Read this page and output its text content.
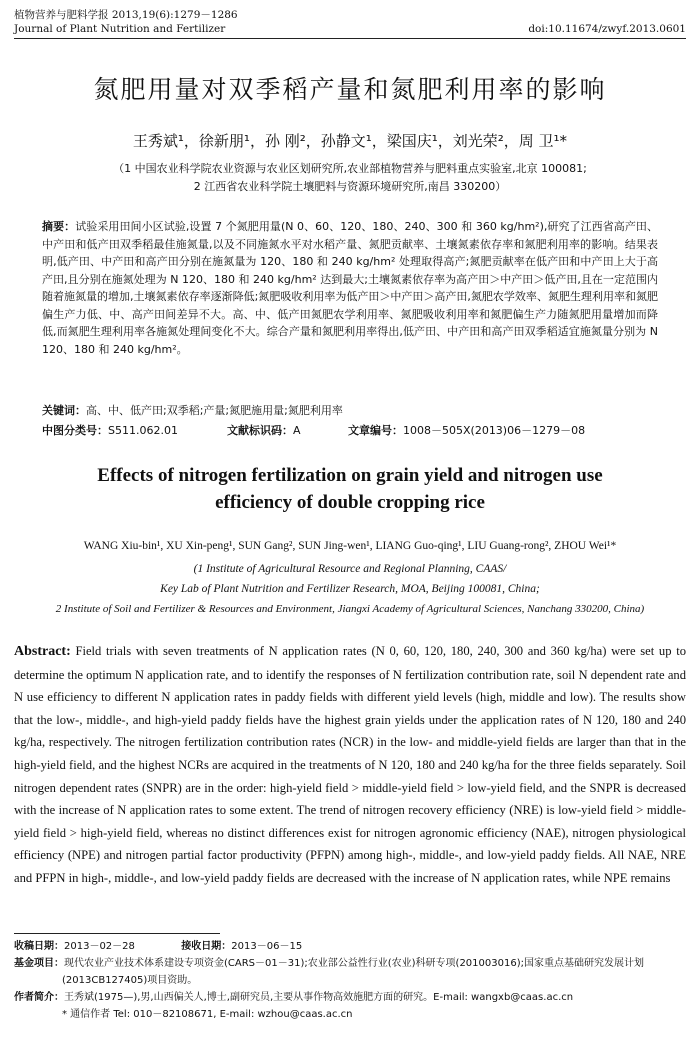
植物营养与肥料学报 2013,19(6):1279－1286
Journal of Plant Nutrition and Fertilizer	doi:10.11674/zwyf.2013.0601
氮肥用量对双季稻产量和氮肥利用率的影响
王秀斌¹，徐新朋¹，孙 刚²，孙静文¹，梁国庆¹，刘光荣²，周 卫¹*
（1 中国农业科学院农业资源与农业区划研究所,农业部植物营养与肥料重点实验室,北京 100081;
2 江西省农业科学院土壤肥料与资源环境研究所,南昌 330200）
摘要：试验采用田间小区试验,设置 7 个氮肥用量(N 0、60、120、180、240、300 和 360 kg/hm²),研究了江西省高产田、中产田和低产田双季稻最佳施氮量,以及不同施氮水平对水稻产量、氮肥贡献率、土壤氮素依存率和氮肥利用率的影响。结果表明,低产田、中产田和高产田分别在施氮量为 120、180 和 240 kg/hm² 处理取得高产;氮肥贡献率在低产田和中产田上大于高产田,且分别在施氮处理为 N 120、180 和 240 kg/hm² 达到最大;土壤氮素依存率为高产田＞中产田＞低产田,且在一定范围内随着施氮量的增加,土壤氮素依存率逐渐降低;氮肥吸收利用率为低产田＞中产田＞高产田,氮肥农学效率、氮肥生理利用率和氮肥偏生产力低、中、高产田间差异不大。高、中、低产田氮肥农学利用率、氮肥吸收利用率和氮肥偏生产力随氮肥用量增加而降低,而氮肥生理利用率各施氮处理间变化不大。综合产量和氮肥利用率得出,低产田、中产田和高产田双季稻适宜施氮量分别为 N 120、180 和 240 kg/hm²。
关键词：高、中、低产田;双季稻;产量;氮肥施用量;氮肥利用率
中图分类号：S511.062.01	文献标识码：A	文章编号：1008－505X(2013)06－1279－08
Effects of nitrogen fertilization on grain yield and nitrogen use
efficiency of double cropping rice
WANG Xiu-bin¹, XU Xin-peng¹, SUN Gang², SUN Jing-wen¹, LIANG Guo-qing¹, LIU Guang-rong², ZHOU Wei¹*
(1 Institute of Agricultural Resource and Regional Planning, CAAS/
Key Lab of Plant Nutrition and Fertilizer Research, MOA, Beijing 100081, China;
2 Institute of Soil and Fertilizer & Resources and Environment, Jiangxi Academy of Agricultural Sciences, Nanchang 330200, China)
Abstract: Field trials with seven treatments of N application rates (N 0, 60, 120, 180, 240, 300 and 360 kg/ha) were set up to determine the optimum N application rate, and to identify the responses of N fertilization contribution rate, soil N dependent rate and N use efficiency to different N application rates in paddy fields with different yield levels (high, middle and low). The results show that the low-, middle-, and high-yield paddy fields have the highest grain yields under the application rates of N 120, 180 and 240 kg/ha, respectively. The nitrogen fertilization contribution rates (NCR) in the low- and middle-yield fields are larger than that in the high-yield field, and the highest NCRs are acquired in the treatments of N 120, 180 and 240 kg/ha for the three fields separately. Soil nitrogen dependent rates (SNPR) are in the order: high-yield field > middle-yield field > low-yield field, and the SNPR is decreased with the increase of N application rates to some extent. The trend of nitrogen recovery efficiency (NRE) is low-yield field > middle-yield field > high-yield field, whereas no distinct differences exist for nitrogen agronomic efficiency (NAE), nitrogen physiological efficiency (NPE) and nitrogen partial factor productivity (PFPN) among high-, middle-, and low-yield paddy fields. All NAE, NRE and PFPN in high-, middle-, and low-yield paddy fields are decreased with the increase of N application rates, while NPE remains
收稿日期：2013－02－28	接收日期：2013－06－15
基金项目：现代农业产业技术体系建设专项资金(CARS－01－31);农业部公益性行业(农业)科研专项(201003016);国家重点基础研究发展计划(2013CB127405)项目资助。
作者简介：王秀斌(1975—),男,山西偏关人,博士,副研究员,主要从事作物高效施肥方面的研究。E-mail: wangxb@caas.ac.cn
* 通信作者 Tel: 010－82108671, E-mail: wzhou@caas.ac.cn
